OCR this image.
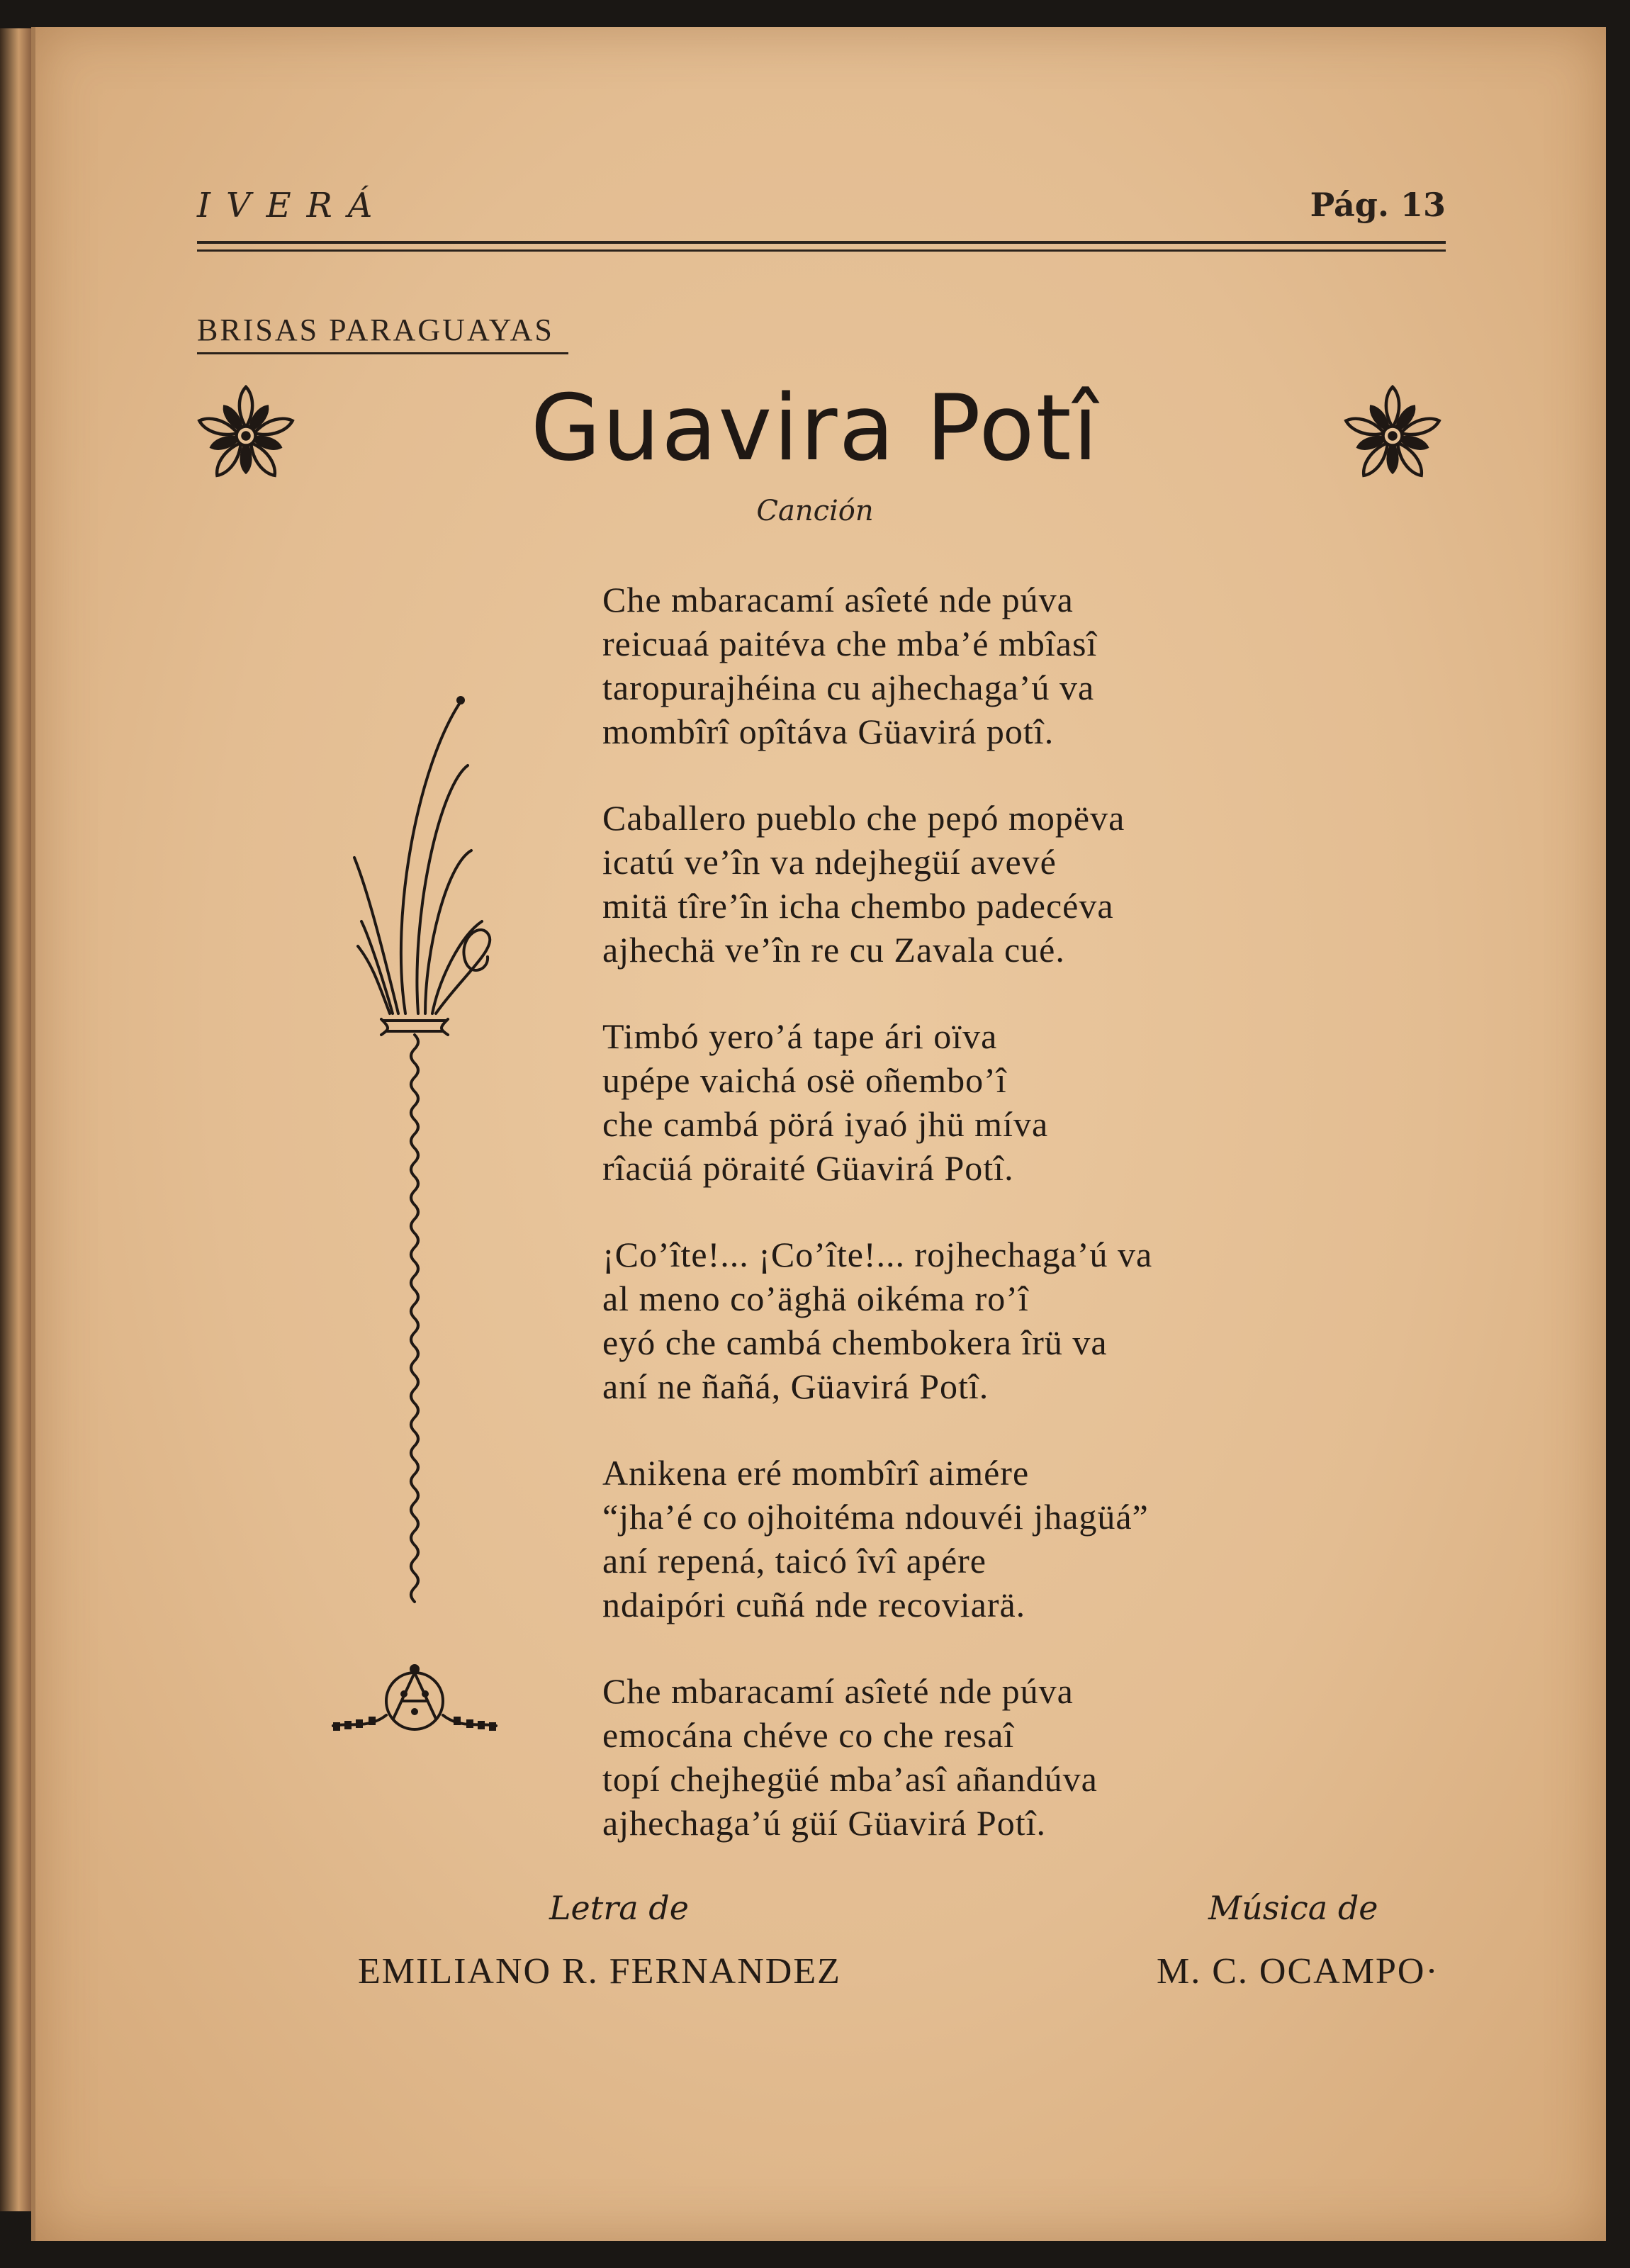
IVERÁ	Pág. 13
BRISAS PARAGUAYAS
Guavira Potî
Canción
Che mbaracamí asîeté nde púva
reicuaá paitéva che mba’é mbîasî
taropurajhéina cu ajhechaga’ú va
mombîrî opîtáva Güavirá potî.
Caballero pueblo che pepó mopëva
icatú ve’în va ndejhegüí avevé
mitä tîre’în icha chembo padecéva
ajhechä ve’în re cu Zavala cué.
Timbó yero’á tape ári oïva
upépe vaichá osë oñembo’î
che cambá pörá iyaó jhü míva
rîacüá pöraité Güavirá Potî.
¡Co’îte!... ¡Co’îte!... rojhechaga’ú va
al meno co’äghä oikéma ro’î
eyó che cambá chembokera îrü va
aní ne ñañá, Güavirá Potî.
Anikena eré mombîrî aimére
“jha’é co ojhoitéma ndouvéi jhagüá”
aní repená, taicó îvî apére
ndaipóri cuñá nde recoviarä.
Che mbaracamí asîeté nde púva
emocána chéve co che resaî
topí chejhegüé mba’asî añandúva
ajhechaga’ú güí Güavirá Potî.
Letra de	Música de
EMILIANO R. FERNANDEZ	M. C. OCAMPO·
